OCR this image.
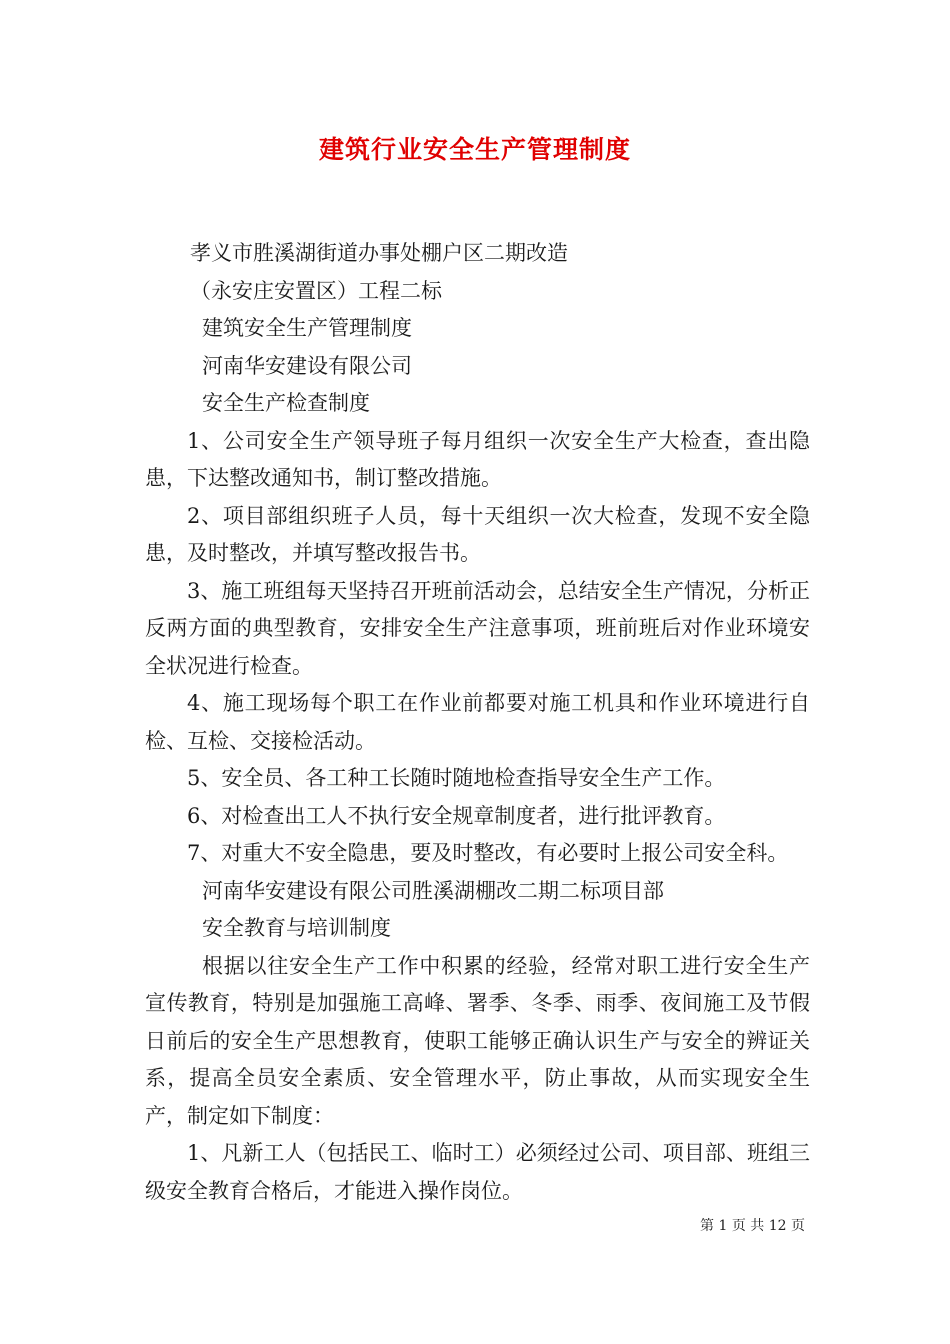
建筑行业安全生产管理制度

孝义市胜溪湖街道办事处棚户区二期改造

（永安庄安置区）工程二标

建筑安全生产管理制度

河南华安建设有限公司

安全生产检查制度

1、公司安全生产领导班子每月组织一次安全生产大检查，查出隐患，下达整改通知书，制订整改措施。

2、项目部组织班子人员，每十天组织一次大检查，发现不安全隐患，及时整改，并填写整改报告书。

3、施工班组每天坚持召开班前活动会，总结安全生产情况，分析正反两方面的典型教育，安排安全生产注意事项，班前班后对作业环境安全状况进行检查。

4、施工现场每个职工在作业前都要对施工机具和作业环境进行自检、互检、交接检活动。

5、安全员、各工种工长随时随地检查指导安全生产工作。

6、对检查出工人不执行安全规章制度者，进行批评教育。

7、对重大不安全隐患，要及时整改，有必要时上报公司安全科。

河南华安建设有限公司胜溪湖棚改二期二标项目部

安全教育与培训制度

根据以往安全生产工作中积累的经验，经常对职工进行安全生产宣传教育，特别是加强施工高峰、署季、冬季、雨季、夜间施工及节假日前后的安全生产思想教育，使职工能够正确认识生产与安全的辨证关系，提高全员安全素质、安全管理水平，防止事故，从而实现安全生产，制定如下制度：

1、凡新工人（包括民工、临时工）必须经过公司、项目部、班组三级安全教育合格后，才能进入操作岗位。

第 1 页 共 12 页
